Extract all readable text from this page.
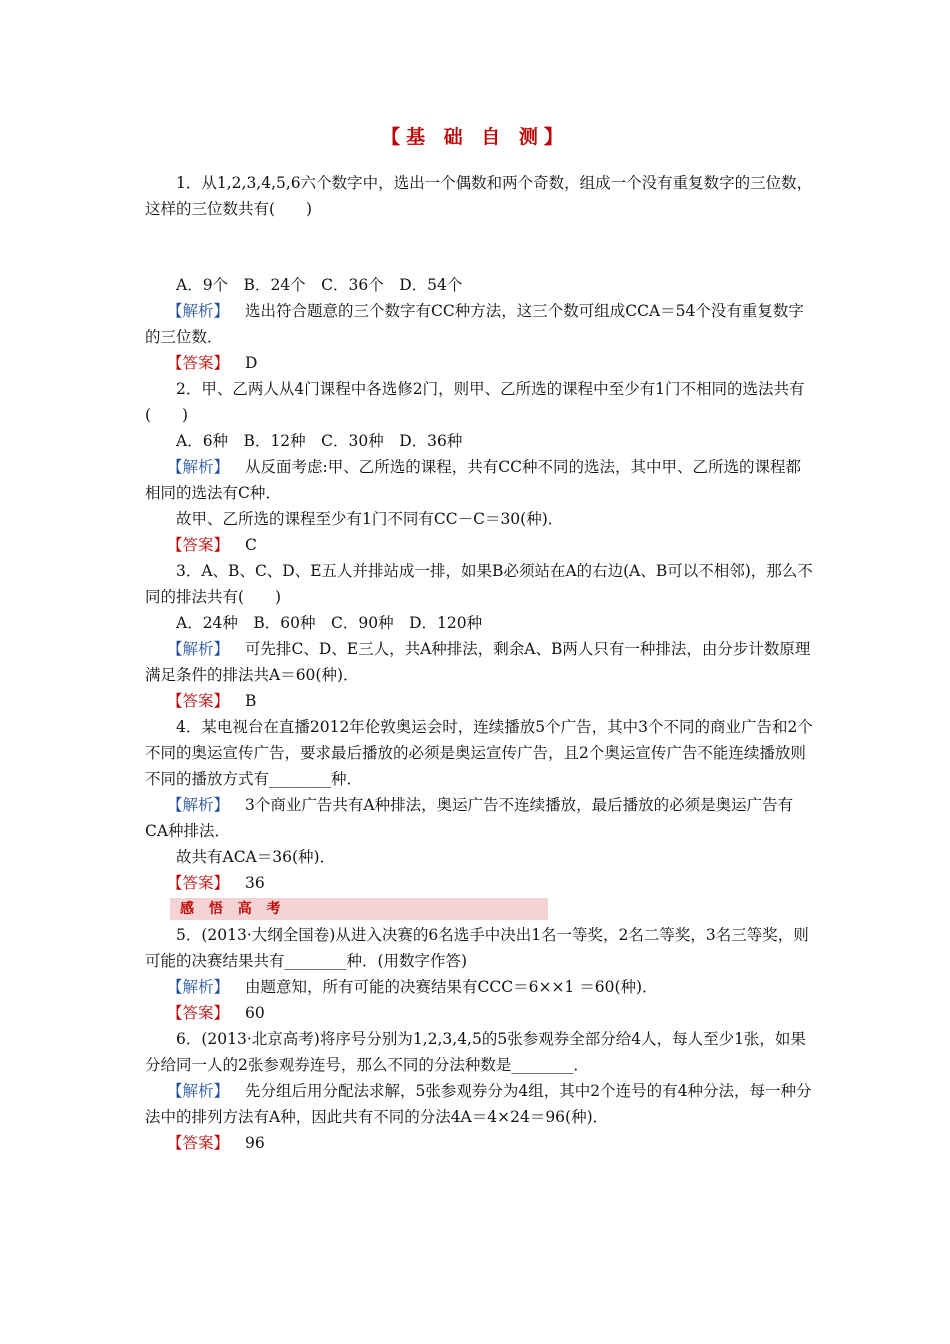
【基 础 自 测】

1．从1,2,3,4,5,6六个数字中，选出一个偶数和两个奇数，组成一个没有重复数字的三位数，这样的三位数共有(　　)

A．9个　B．24个　C．36个　D．54个

【解析】 选出符合题意的三个数字有CC种方法，这三个数可组成CCA＝54个没有重复数字的三位数．

【答案】 D

2．甲、乙两人从4门课程中各选修2门，则甲、乙所选的课程中至少有1门不相同的选法共有(　　)

A．6种　B．12种　C．30种　D．36种

【解析】 从反面考虑:甲、乙所选的课程，共有CC种不同的选法，其中甲、乙所选的课程都相同的选法有C种．

故甲、乙所选的课程至少有1门不同有CC－C＝30(种)．

【答案】 C

3．A、B、C、D、E五人并排站成一排，如果B必须站在A的右边(A、B可以不相邻)，那么不同的排法共有(　　)

A．24种　B．60种　C．90种　D．120种

【解析】 可先排C、D、E三人，共A种排法，剩余A、B两人只有一种排法，由分步计数原理满足条件的排法共A＝60(种)．

【答案】 B

4．某电视台在直播2012年伦敦奥运会时，连续播放5个广告，其中3个不同的商业广告和2个不同的奥运宣传广告，要求最后播放的必须是奥运宣传广告，且2个奥运宣传广告不能连续播放则不同的播放方式有________种．

【解析】 3个商业广告共有A种排法，奥运广告不连续播放，最后播放的必须是奥运广告有CA种排法．

故共有ACA＝36(种)．

【答案】 36

感 悟 高 考

5．(2013·大纲全国卷)从进入决赛的6名选手中决出1名一等奖，2名二等奖，3名三等奖，则可能的决赛结果共有________种．(用数字作答)

【解析】 由题意知，所有可能的决赛结果有CCC＝6××1 ＝60(种)．

【答案】 60

6．(2013·北京高考)将序号分别为1,2,3,4,5的5张参观券全部分给4人，每人至少1张，如果分给同一人的2张参观券连号，那么不同的分法种数是________．

【解析】 先分组后用分配法求解，5张参观券分为4组，其中2个连号的有4种分法，每一种分法中的排列方法有A种，因此共有不同的分法4A＝4×24＝96(种)．

【答案】 96
